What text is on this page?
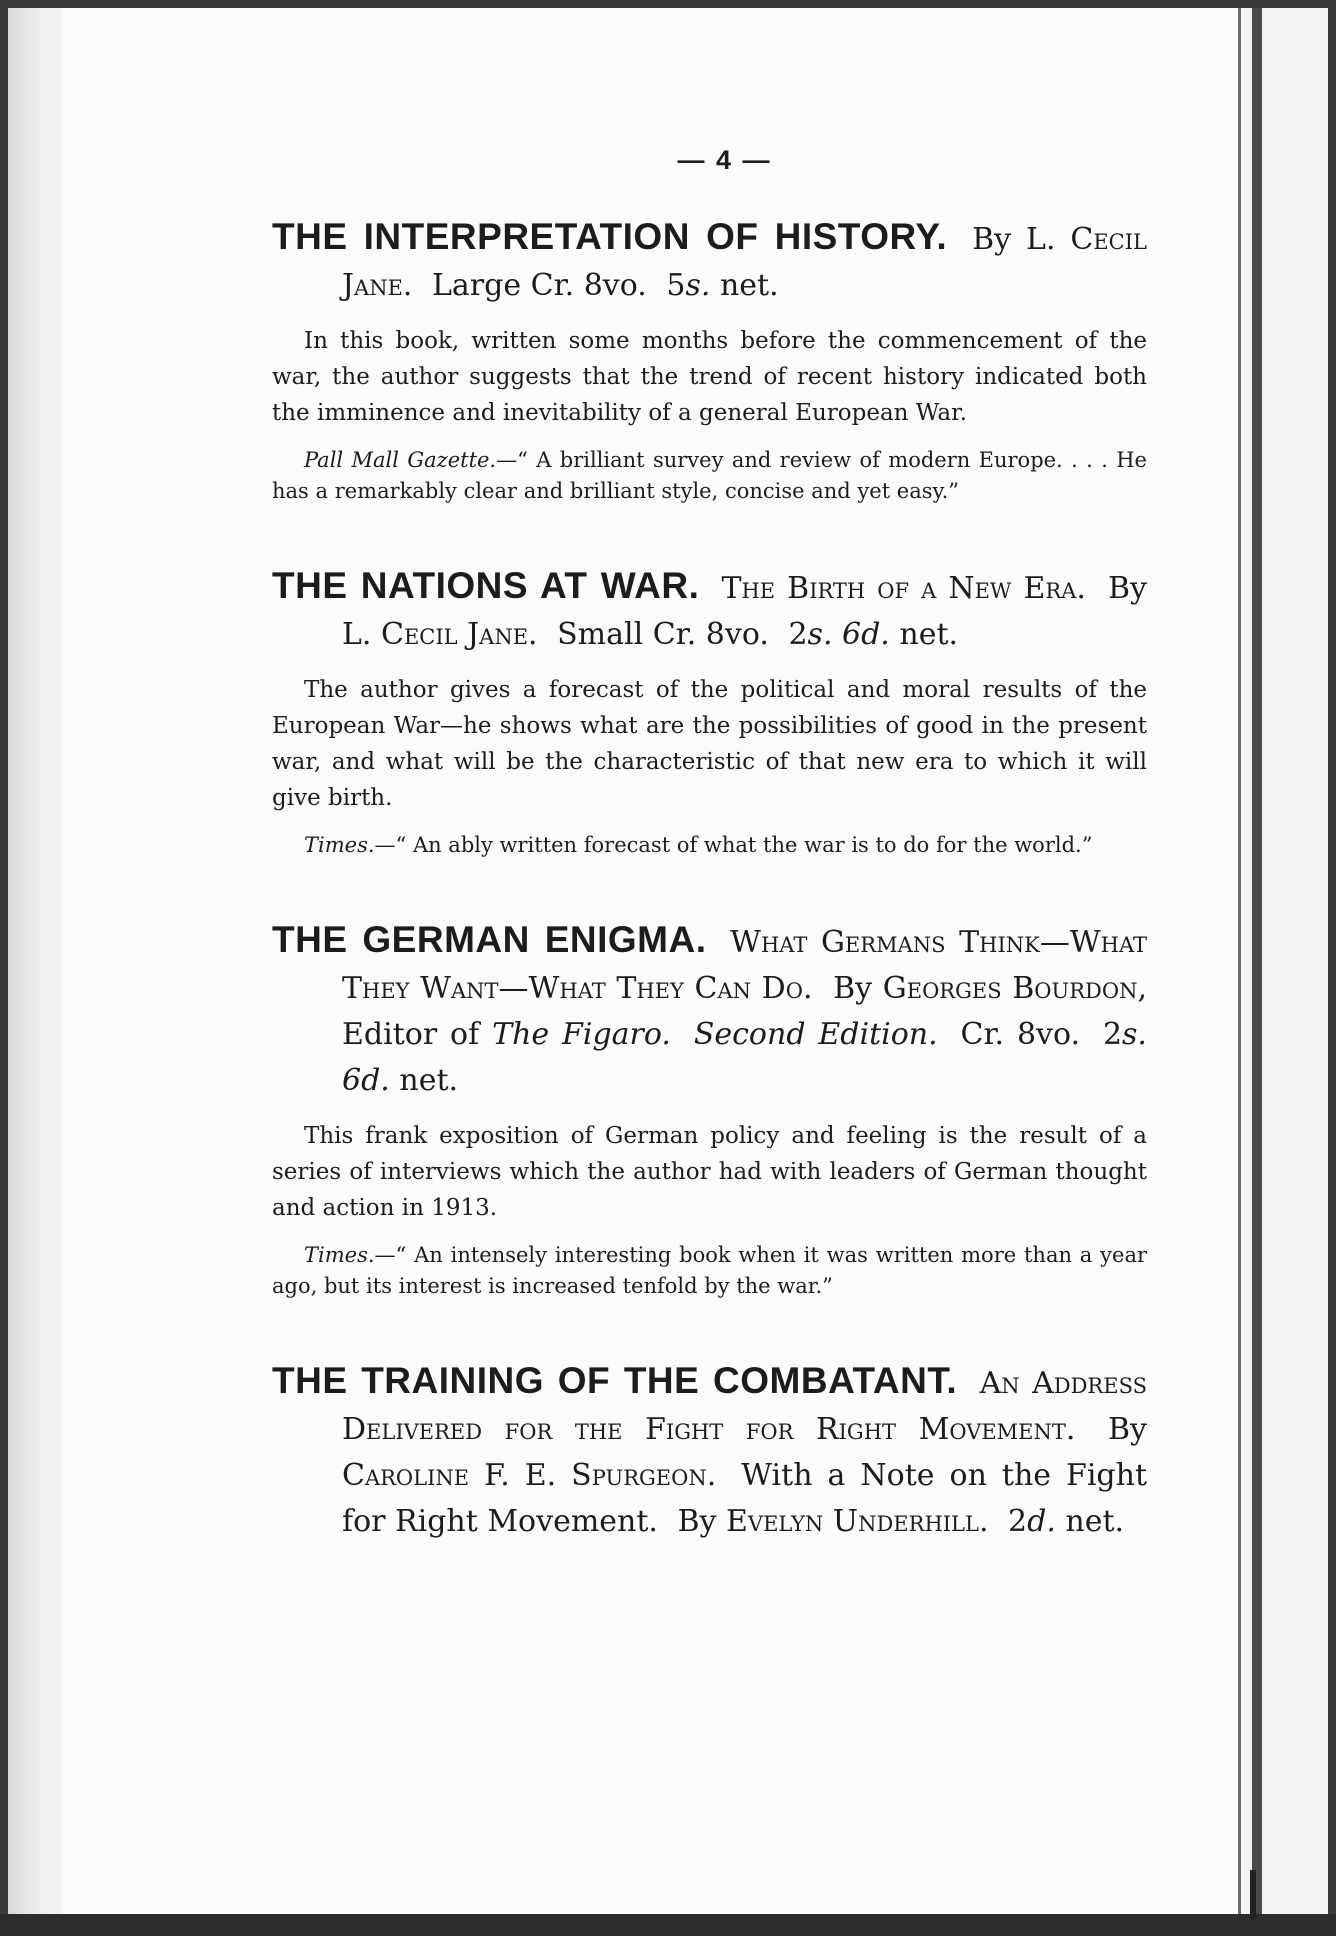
— 4 —

THE INTERPRETATION OF HISTORY. By L. Cecil Jane. Large Cr. 8vo. 5s. net.

In this book, written some months before the commencement of the war, the author suggests that the trend of recent history indicated both the imminence and inevitability of a general European War.

Pall Mall Gazette.—“ A brilliant survey and review of modern Europe. . . . He has a remarkably clear and brilliant style, concise and yet easy.”

THE NATIONS AT WAR. The Birth of a New Era. By L. Cecil Jane. Small Cr. 8vo. 2s. 6d. net.

The author gives a forecast of the political and moral results of the European War—he shows what are the possibilities of good in the present war, and what will be the characteristic of that new era to which it will give birth.

Times.—“ An ably written forecast of what the war is to do for the world.”

THE GERMAN ENIGMA. What Germans Think—What They Want—What They Can Do. By Georges Bourdon, Editor of The Figaro. Second Edition. Cr. 8vo. 2s. 6d. net.

This frank exposition of German policy and feeling is the result of a series of interviews which the author had with leaders of German thought and action in 1913.

Times.—“ An intensely interesting book when it was written more than a year ago, but its interest is increased tenfold by the war.”

THE TRAINING OF THE COMBATANT. An Address Delivered for the Fight for Right Movement. By Caroline F. E. Spurgeon. With a Note on the Fight for Right Movement. By Evelyn Underhill. 2d. net.
